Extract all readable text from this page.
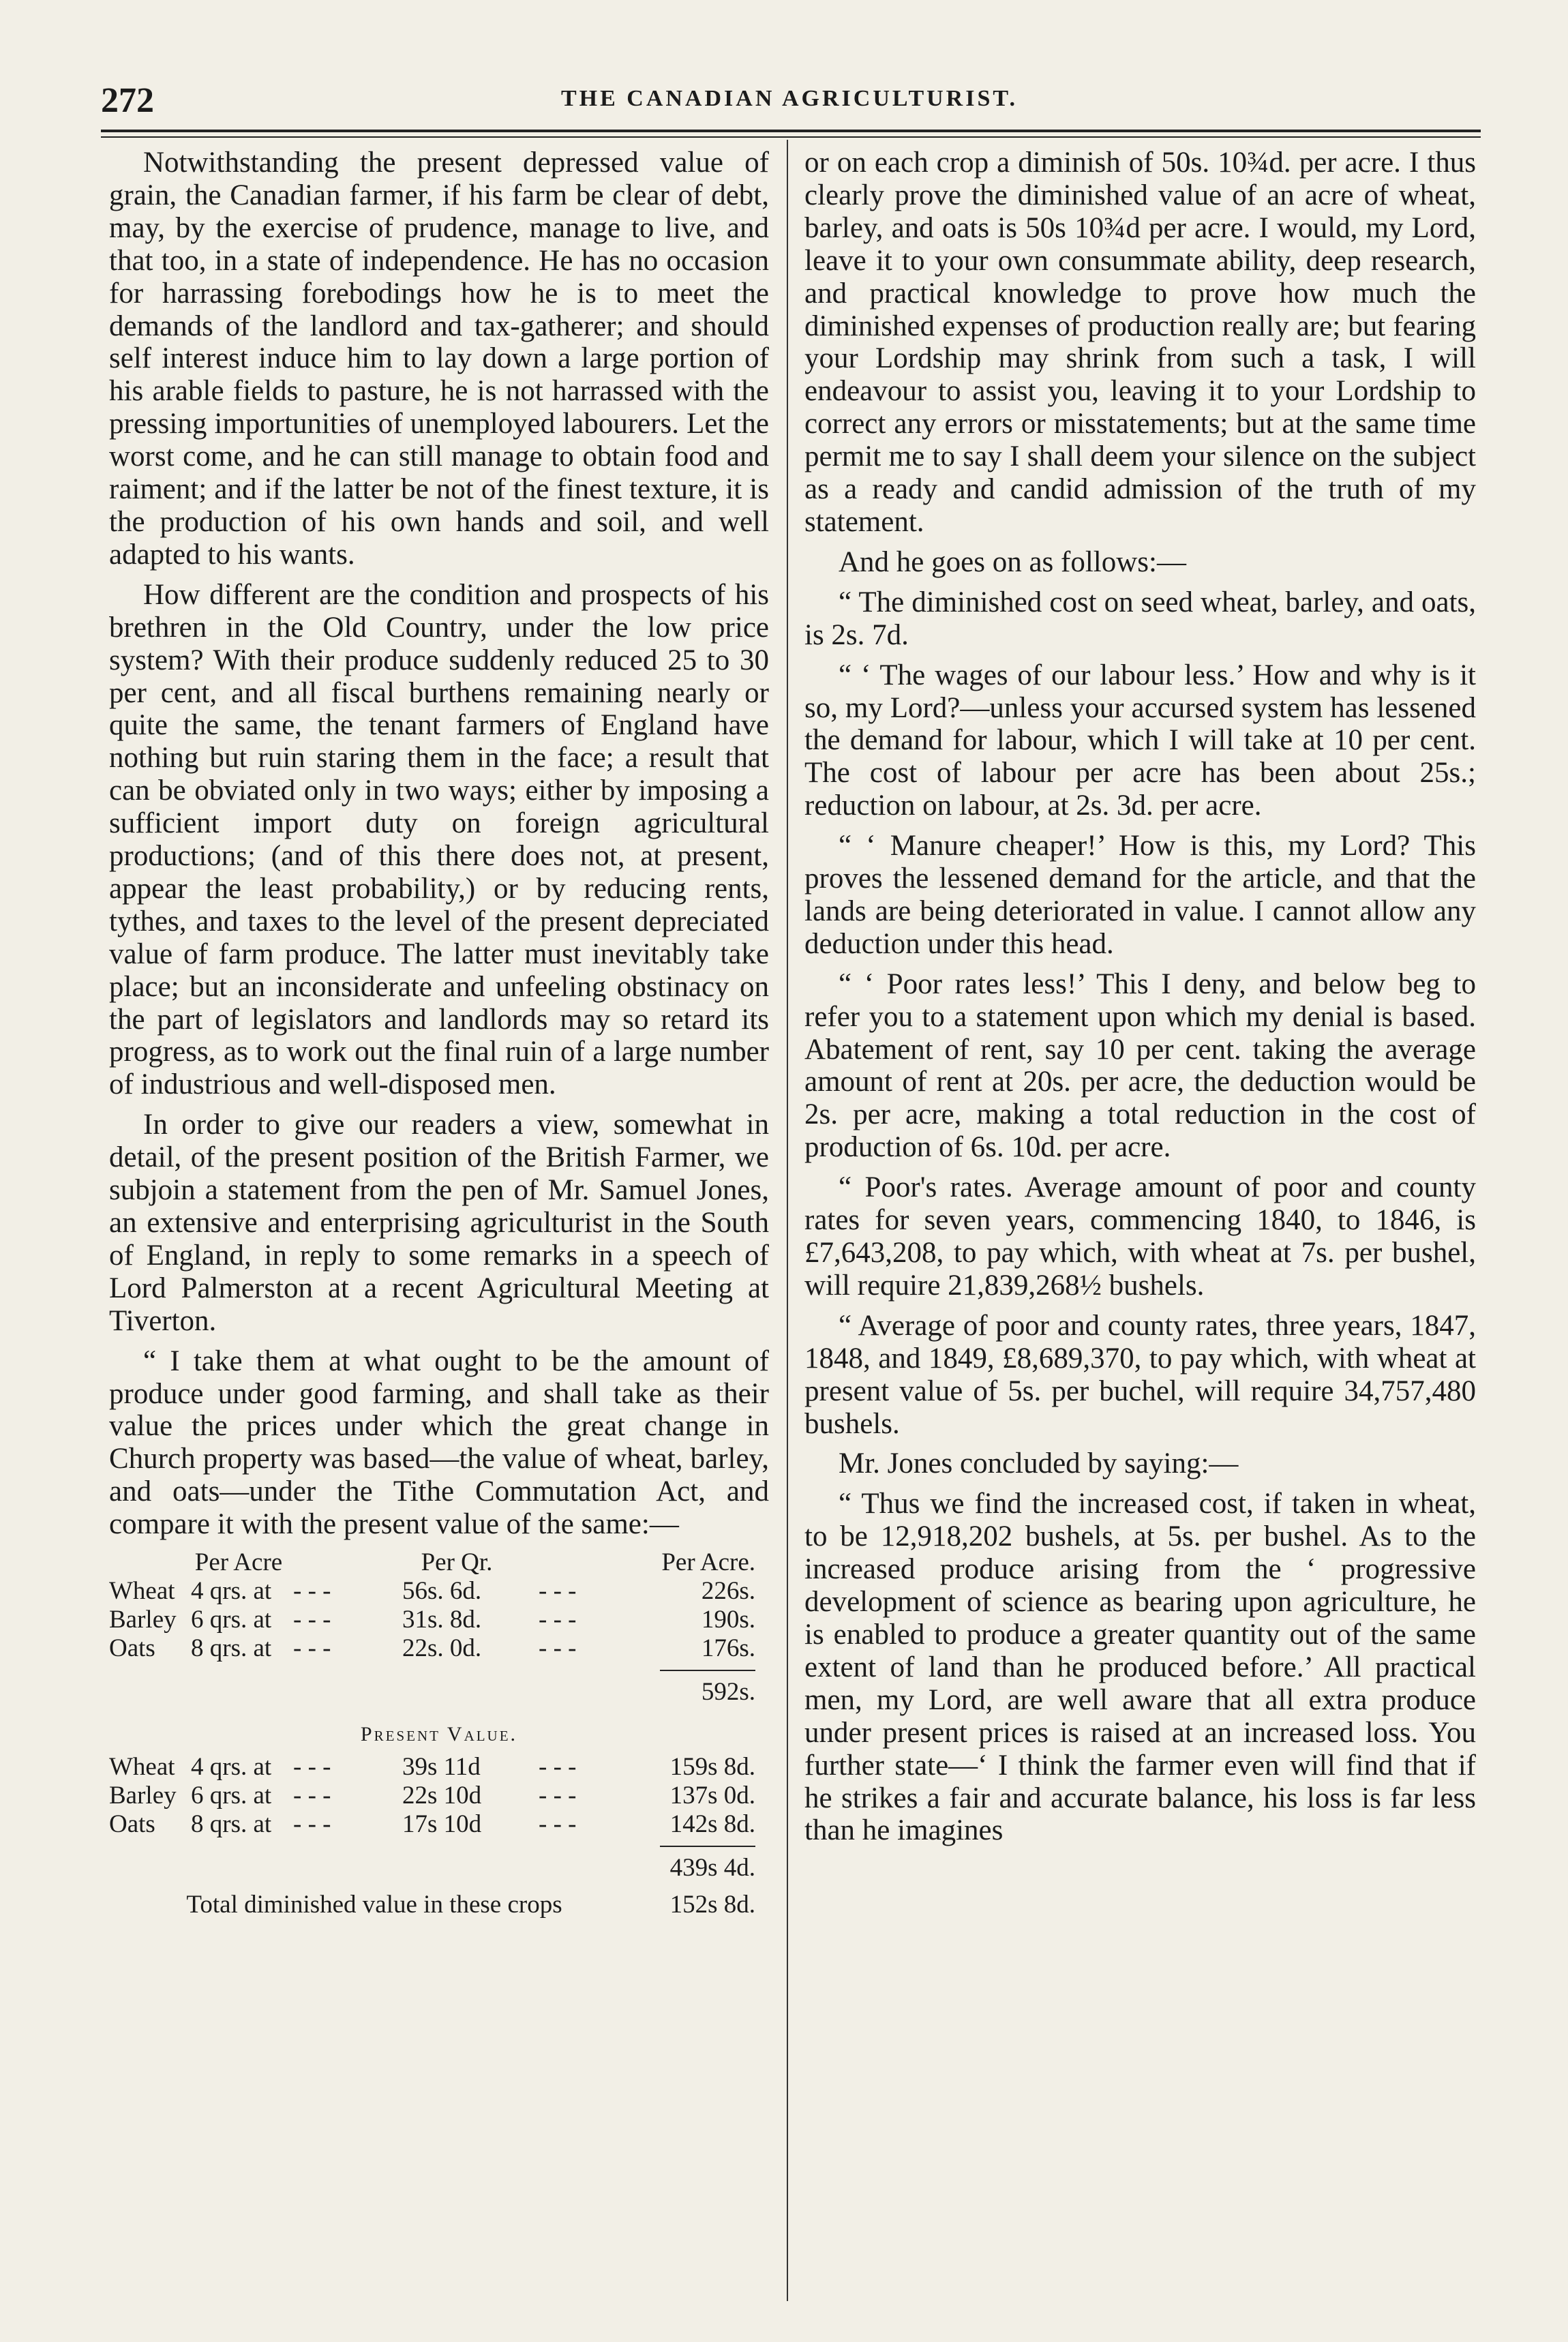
272	THE CANADIAN AGRICULTURIST.

Notwithstanding the present depressed value of grain, the Canadian farmer, if his farm be clear of debt, may, by the exercise of prudence, manage to live, and that too, in a state of independence. He has no occasion for harrassing forebodings how he is to meet the demands of the landlord and tax-gatherer; and should self interest induce him to lay down a large portion of his arable fields to pasture, he is not harrassed with the pressing importunities of unemployed labourers. Let the worst come, and he can still manage to obtain food and raiment; and if the latter be not of the finest texture, it is the production of his own hands and soil, and well adapted to his wants.

How different are the condition and prospects of his brethren in the Old Country, under the low price system? With their produce suddenly reduced 25 to 30 per cent, and all fiscal burthens remaining nearly or quite the same, the tenant farmers of England have nothing but ruin staring them in the face; a result that can be obviated only in two ways; either by imposing a sufficient import duty on foreign agricultural productions; (and of this there does not, at present, appear the least probability,) or by reducing rents, tythes, and taxes to the level of the present depreciated value of farm produce. The latter must inevitably take place; but an inconsiderate and unfeeling obstinacy on the part of legislators and landlords may so retard its progress, as to work out the final ruin of a large number of industrious and well-disposed men.

In order to give our readers a view, somewhat in detail, of the present position of the British Farmer, we subjoin a statement from the pen of Mr. Samuel Jones, an extensive and enterprising agriculturist in the South of England, in reply to some remarks in a speech of Lord Palmerston at a recent Agricultural Meeting at Tiverton.

“ I take them at what ought to be the amount of produce under good farming, and shall take as their value the prices under which the great change in Church property was based—the value of wheat, barley, and oats—under the Tithe Commutation Act, and compare it with the present value of the same:—

Per Acre	Per Qr.	Per Acre.
Wheat 4 qrs. at - - -	56s. 6d.	- - -	226s.
Barley 6 qrs. at - - -	31s. 8d.	- - -	190s.
Oats	8 qrs. at - - -	22s. 0d.	- - -	176s.
592s.
Present Value.
Wheat 4 qrs. at - - -	39s 11d	- - -	159s 8d.
Barley 6 qrs. at - - -	22s 10d	- - -	137s 0d.
Oats	8 qrs. at - - -	17s 10d	- - -	142s 8d.
439s 4d.
Total diminished value in these crops	152s 8d.

or on each crop a diminish of 50s. 10¾d. per acre. I thus clearly prove the diminished value of an acre of wheat, barley, and oats is 50s 10¾d per acre. I would, my Lord, leave it to your own consummate ability, deep research, and practical knowledge to prove how much the diminished expenses of production really are; but fearing your Lordship may shrink from such a task, I will endeavour to assist you, leaving it to your Lordship to correct any errors or misstatements; but at the same time permit me to say I shall deem your silence on the subject as a ready and candid admission of the truth of my statement.

And he goes on as follows:—

“ The diminished cost on seed wheat, barley, and oats, is 2s. 7d.

“ ‘ The wages of our labour less.’ How and why is it so, my Lord?—unless your accursed system has lessened the demand for labour, which I will take at 10 per cent. The cost of labour per acre has been about 25s.; reduction on labour, at 2s. 3d. per acre.

“ ‘ Manure cheaper!’ How is this, my Lord? This proves the lessened demand for the article, and that the lands are being deteriorated in value. I cannot allow any deduction under this head.

“ ‘ Poor rates less!’ This I deny, and below beg to refer you to a statement upon which my denial is based. Abatement of rent, say 10 per cent. taking the average amount of rent at 20s. per acre, the deduction would be 2s. per acre, making a total reduction in the cost of production of 6s. 10d. per acre.

“ Poor's rates. Average amount of poor and county rates for seven years, commencing 1840, to 1846, is £7,643,208, to pay which, with wheat at 7s. per bushel, will require 21,839,268½ bushels.

“ Average of poor and county rates, three years, 1847, 1848, and 1849, £8,689,370, to pay which, with wheat at present value of 5s. per buchel, will require 34,757,480 bushels.

Mr. Jones concluded by saying:—

“ Thus we find the increased cost, if taken in wheat, to be 12,918,202 bushels, at 5s. per bushel. As to the increased produce arising from the ‘ progressive development of science as bearing upon agriculture, he is enabled to produce a greater quantity out of the same extent of land than he produced before.’ All practical men, my Lord, are well aware that all extra produce under present prices is raised at an increased loss. You further state—‘ I think the farmer even will find that if he strikes a fair and accurate balance, his loss is far less than he imagines
